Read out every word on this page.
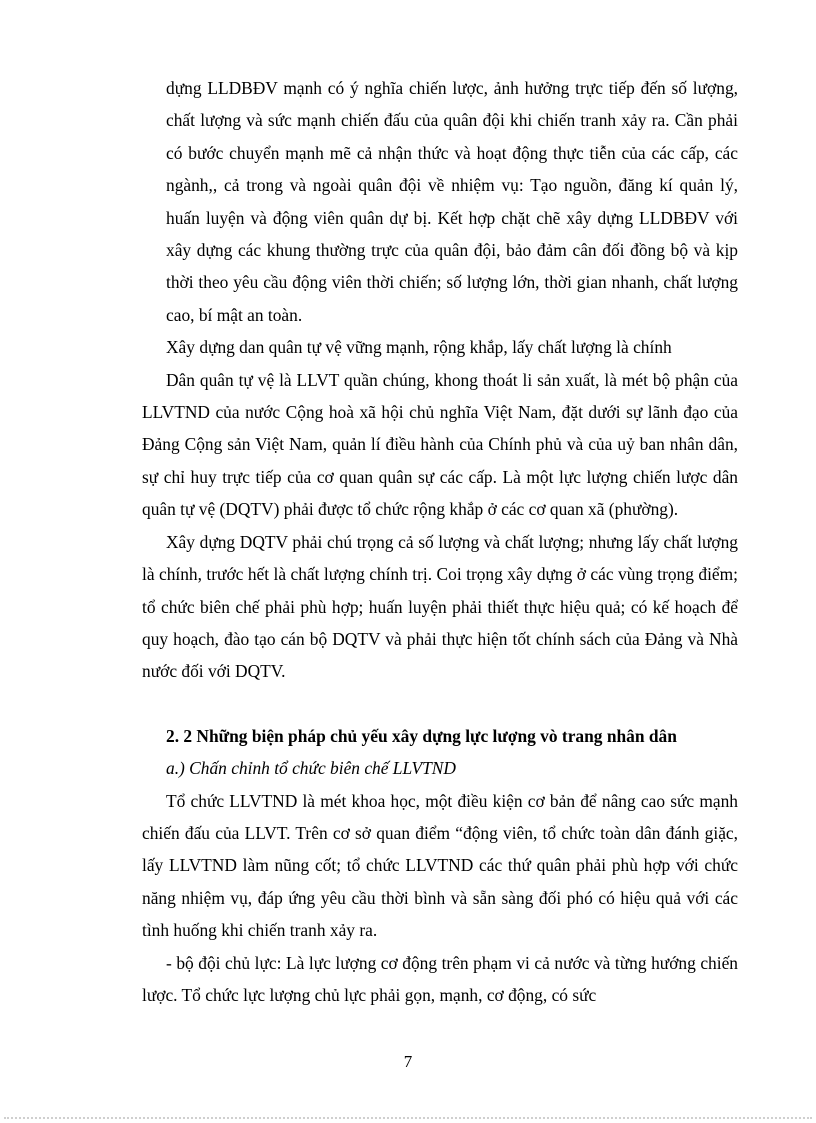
dựng LLDBĐV mạnh có ý nghĩa chiến lược, ảnh hưởng trực tiếp đến số lượng, chất lượng và sức mạnh chiến đấu của quân đội khi chiến tranh xảy ra. Cần phải có bước chuyển mạnh mẽ cả nhận thức và hoạt động thực tiễn của các cấp, các ngành,, cả trong và ngoài quân đội về nhiệm vụ: Tạo nguồn, đăng kí quản lý, huấn luyện và động viên quân dự bị. Kết hợp chặt chẽ xây dựng LLDBĐV với xây dựng các khung thường trực của quân đội, bảo đảm cân đối đồng bộ và kịp thời theo yêu cầu động viên thời chiến; số lượng lớn, thời gian nhanh, chất lượng cao, bí mật an toàn.

Xây dựng dan quân tự vệ vững mạnh, rộng khắp, lấy chất lượng là chính

Dân quân tự vệ là LLVT quần chúng, khong thoát li sản xuất, là mét bộ phận của LLVTND của nước Cộng hoà xã hội chủ nghĩa Việt Nam, đặt dưới sự lãnh đạo của Đảng Cộng sản Việt Nam, quản lí điều hành của Chính phủ và của uỷ ban nhân dân, sự chỉ huy trực tiếp của cơ quan quân sự các cấp. Là một lực lượng chiến lược dân quân tự vệ (DQTV) phải được tổ chức rộng khắp ở các cơ quan xã (phường).

Xây dựng DQTV phải chú trọng cả số lượng và chất lượng; nhưng lấy chất lượng là chính, trước hết là chất lượng chính trị. Coi trọng xây dựng ở các vùng trọng điểm; tổ chức biên chế phải phù hợp; huấn luyện phải thiết thực hiệu quả; có kế hoạch để quy hoạch, đào tạo cán bộ DQTV và phải thực hiện tốt chính sách của Đảng và Nhà nước đối với DQTV.

2. 2 Những biện pháp chủ yếu xây dựng lực lượng vò trang nhân dân

a.) Chấn chỉnh tổ chức biên chế LLVTND

Tổ chức LLVTND là mét khoa học, một điều kiện cơ bản để nâng cao sức mạnh chiến đấu của LLVT. Trên cơ sở quan điểm “động viên, tổ chức toàn dân đánh giặc, lấy LLVTND làm nũng cốt; tổ chức LLVTND các thứ quân phải phù hợp với chức năng nhiệm vụ, đáp ứng yêu cầu thời bình và sẵn sàng đối phó có hiệu quả với các tình huống khi chiến tranh xảy ra.

- bộ đội chủ lực: Là lực lượng cơ động trên phạm vi cả nước và từng hướng chiến lược. Tổ chức lực lượng chủ lực phải gọn, mạnh, cơ động, có sức

7
